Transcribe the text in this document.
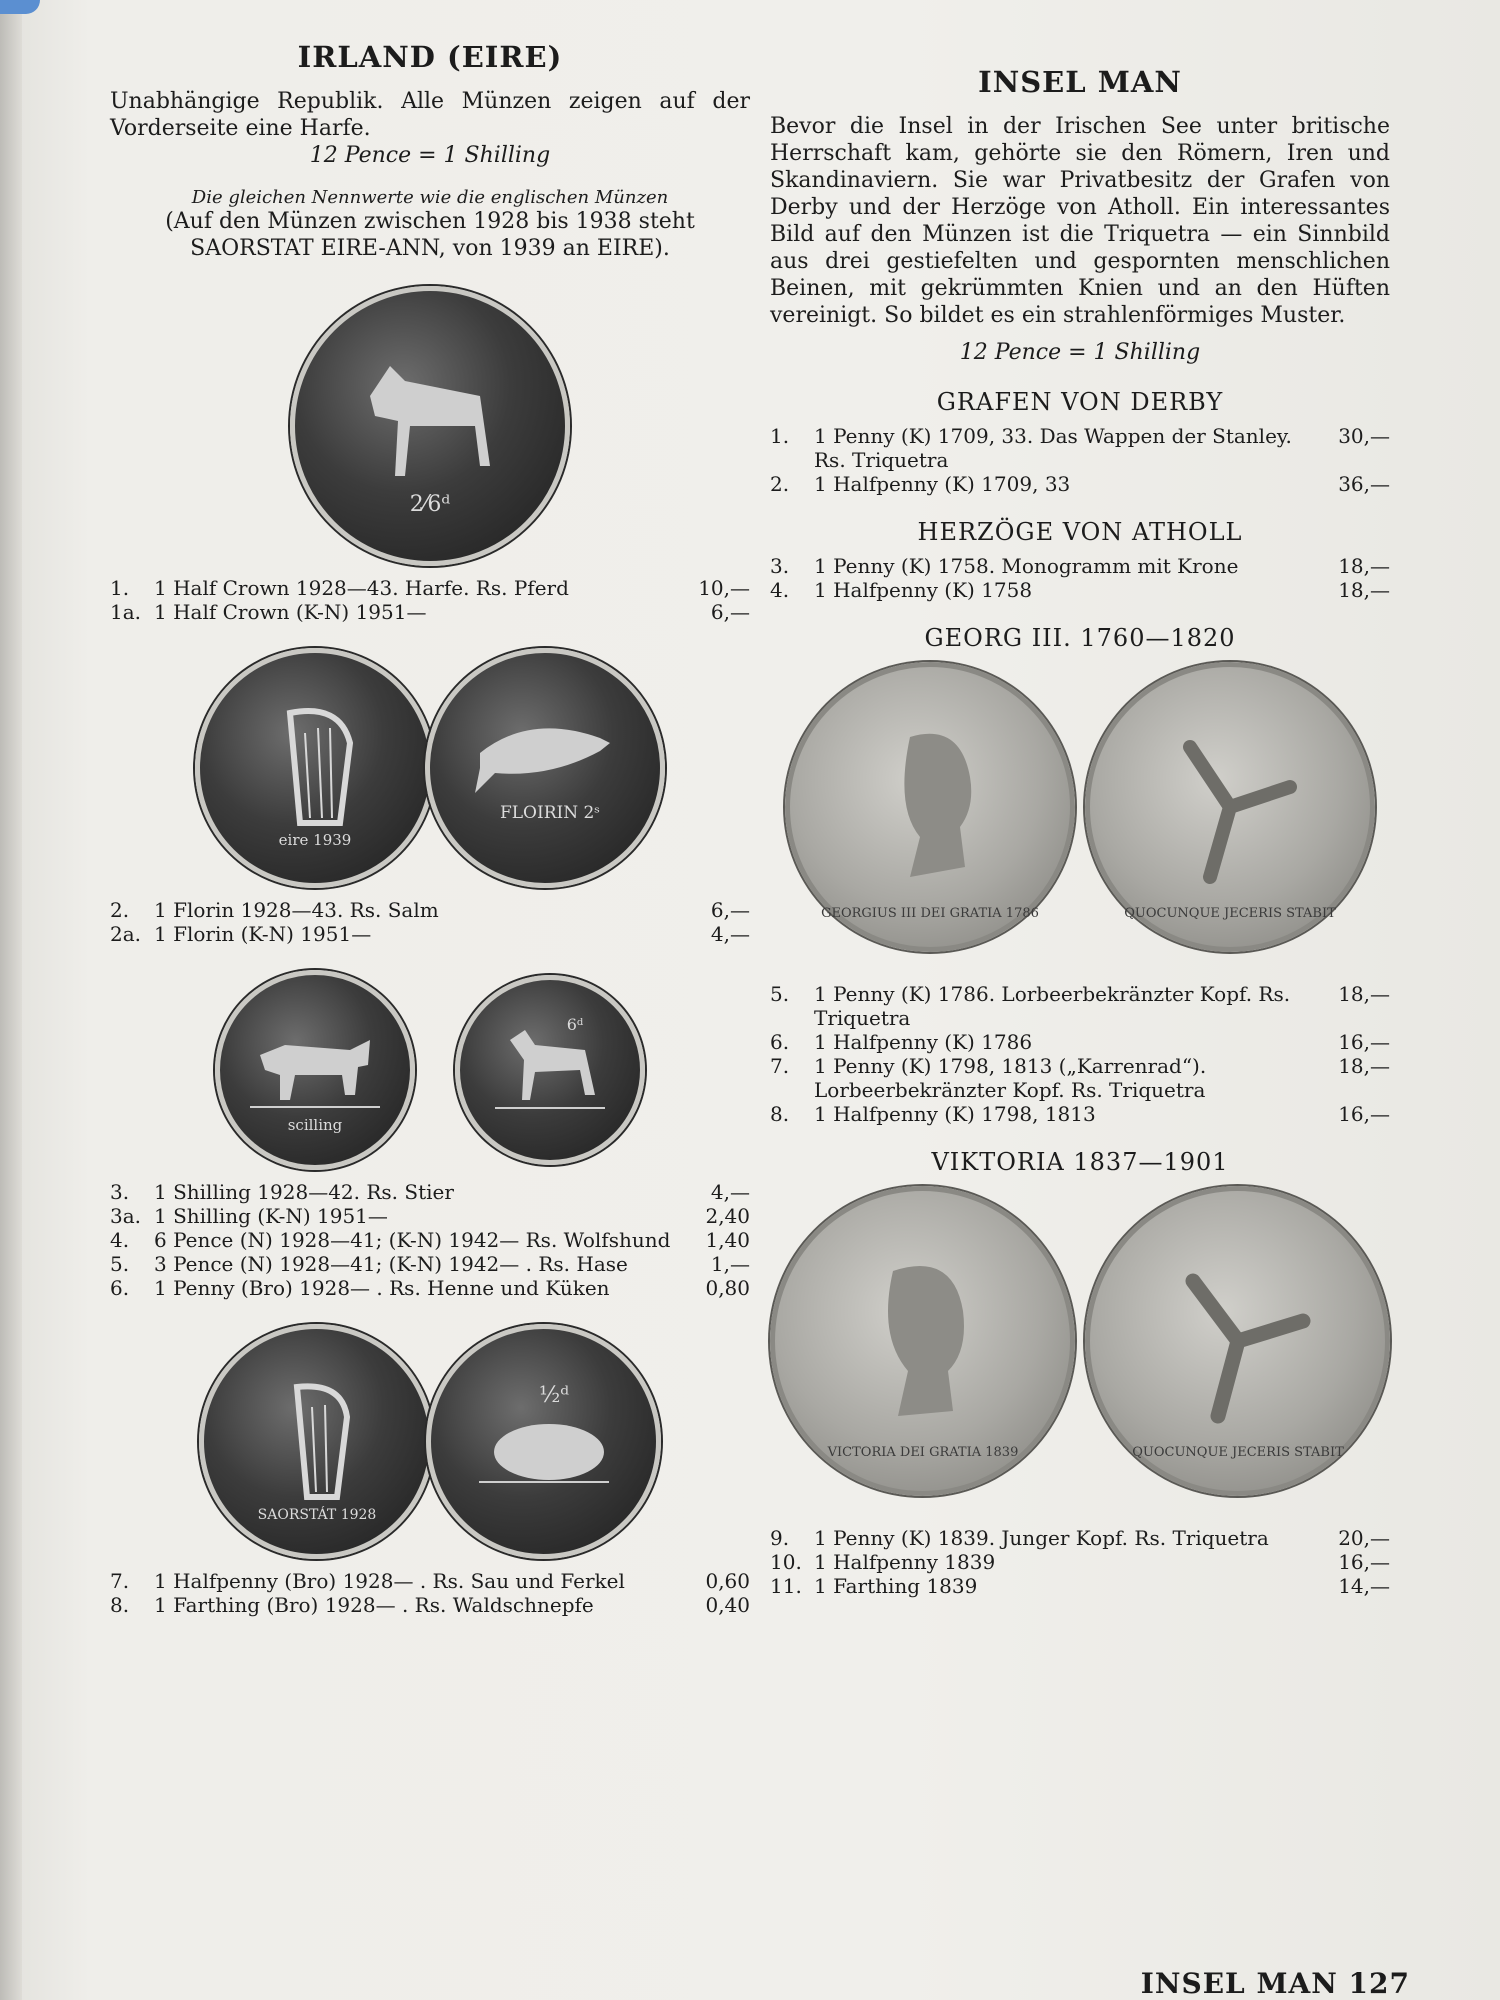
IRLAND (EIRE)

Unabhängige Republik. Alle Münzen zeigen auf der Vorderseite eine Harfe.

12 Pence = 1 Shilling

Die gleichen Nennwerte wie die englischen Münzen

(Auf den Münzen zwischen 1928 bis 1938 steht SAORSTAT EIRE-ANN, von 1939 an EIRE).

2⁄6ᵈ
1.	1 Half Crown 1928—43. Harfe. Rs. Pferd	10,—
1a.	1 Half Crown (K-N) 1951—	6,—
eire 1939
FLOIRIN 2ˢ
2.	1 Florin 1928—43. Rs. Salm	6,—
2a.	1 Florin (K-N) 1951—	4,—
scilling
6ᵈ
3.	1 Shilling 1928—42. Rs. Stier	4,—
3a.	1 Shilling (K-N) 1951—	2,40
4.	6 Pence (N) 1928—41; (K-N) 1942— Rs. Wolfshund	1,40
5.	3 Pence (N) 1928—41; (K-N) 1942— . Rs. Hase	1,—
6.	1 Penny (Bro) 1928— . Rs. Henne und Küken	0,80
SAORSTÁT 1928
½ᵈ
7.	1 Halfpenny (Bro) 1928— . Rs. Sau und Ferkel	0,60
8.	1 Farthing (Bro) 1928— . Rs. Waldschnepfe	0,40
INSEL MAN

Bevor die Insel in der Irischen See unter britische Herrschaft kam, gehörte sie den Römern, Iren und Skandinaviern. Sie war Privatbesitz der Grafen von Derby und der Herzöge von Atholl. Ein interessantes Bild auf den Münzen ist die Triquetra — ein Sinnbild aus drei gestiefelten und gespornten menschlichen Beinen, mit gekrümmten Knien und an den Hüften vereinigt. So bildet es ein strahlenförmiges Muster.

12 Pence = 1 Shilling

GRAFEN VON DERBY
1.	1 Penny (K) 1709, 33. Das Wappen der Stanley. Rs. Triquetra	30,—
2.	1 Halfpenny (K) 1709, 33	36,—
HERZÖGE VON ATHOLL
3.	1 Penny (K) 1758. Monogramm mit Krone	18,—
4.	1 Halfpenny (K) 1758	18,—
GEORG III. 1760—1820
GEORGIUS III DEI GRATIA 1786	QUOCUNQUE JECERIS STABIT
5.	1 Penny (K) 1786. Lorbeerbekränzter Kopf. Rs. Triquetra	18,—
6.	1 Halfpenny (K) 1786	16,—
7.	1 Penny (K) 1798, 1813 („Karrenrad“). Lorbeerbekränzter Kopf. Rs. Triquetra	18,—
8.	1 Halfpenny (K) 1798, 1813	16,—
VIKTORIA 1837—1901
VICTORIA DEI GRATIA 1839	QUOCUNQUE JECERIS STABIT
9.	1 Penny (K) 1839. Junger Kopf. Rs. Triquetra	20,—
10.	1 Halfpenny 1839	16,—
11.	1 Farthing 1839	14,—
INSEL MAN 127
